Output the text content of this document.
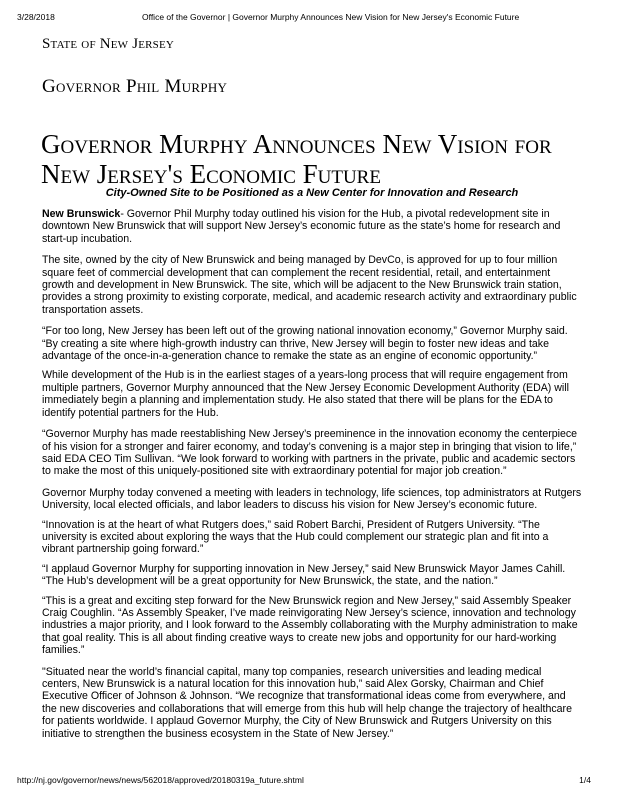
3/28/2018	Office of the Governor | Governor Murphy Announces New Vision for New Jersey's Economic Future
State of New Jersey
Governor Phil Murphy
Governor Murphy Announces New Vision for New Jersey's Economic Future
City-Owned Site to be Positioned as a New Center for Innovation and Research

New Brunswick- Governor Phil Murphy today outlined his vision for the Hub, a pivotal redevelopment site in downtown New Brunswick that will support New Jersey’s economic future as the state’s home for research and start-up incubation.

The site, owned by the city of New Brunswick and being managed by DevCo, is approved for up to four million square feet of commercial development that can complement the recent residential, retail, and entertainment growth and development in New Brunswick. The site, which will be adjacent to the New Brunswick train station, provides a strong proximity to existing corporate, medical, and academic research activity and extraordinary public transportation assets.

“For too long, New Jersey has been left out of the growing national innovation economy,” Governor Murphy said. “By creating a site where high-growth industry can thrive, New Jersey will begin to foster new ideas and take advantage of the once-in-a-generation chance to remake the state as an engine of economic opportunity.”

While development of the Hub is in the earliest stages of a years-long process that will require engagement from multiple partners, Governor Murphy announced that the New Jersey Economic Development Authority (EDA) will immediately begin a planning and implementation study. He also stated that there will be plans for the EDA to identify potential partners for the Hub.

“Governor Murphy has made reestablishing New Jersey’s preeminence in the innovation economy the centerpiece of his vision for a stronger and fairer economy, and today’s convening is a major step in bringing that vision to life,” said EDA CEO Tim Sullivan. “We look forward to working with partners in the private, public and academic sectors to make the most of this uniquely-positioned site with extraordinary potential for major job creation.”

Governor Murphy today convened a meeting with leaders in technology, life sciences, top administrators at Rutgers University, local elected officials, and labor leaders to discuss his vision for New Jersey’s economic future.

“Innovation is at the heart of what Rutgers does,” said Robert Barchi, President of Rutgers University. “The university is excited about exploring the ways that the Hub could complement our strategic plan and fit into a vibrant partnership going forward.”

“I applaud Governor Murphy for supporting innovation in New Jersey,” said New Brunswick Mayor James Cahill. “The Hub’s development will be a great opportunity for New Brunswick, the state, and the nation.”

“This is a great and exciting step forward for the New Brunswick region and New Jersey,” said Assembly Speaker Craig Coughlin. “As Assembly Speaker, I’ve made reinvigorating New Jersey’s science, innovation and technology industries a major priority, and I look forward to the Assembly collaborating with the Murphy administration to make that goal reality. This is all about finding creative ways to create new jobs and opportunity for our hard-working families.”

"Situated near the world’s financial capital, many top companies, research universities and leading medical centers, New Brunswick is a natural location for this innovation hub,” said Alex Gorsky, Chairman and Chief Executive Officer of Johnson & Johnson. “We recognize that transformational ideas come from everywhere, and the new discoveries and collaborations that will emerge from this hub will help change the trajectory of healthcare for patients worldwide. I applaud Governor Murphy, the City of New Brunswick and Rutgers University on this initiative to strengthen the business ecosystem in the State of New Jersey.”

http://nj.gov/governor/news/news/562018/approved/20180319a_future.shtml	1/4
